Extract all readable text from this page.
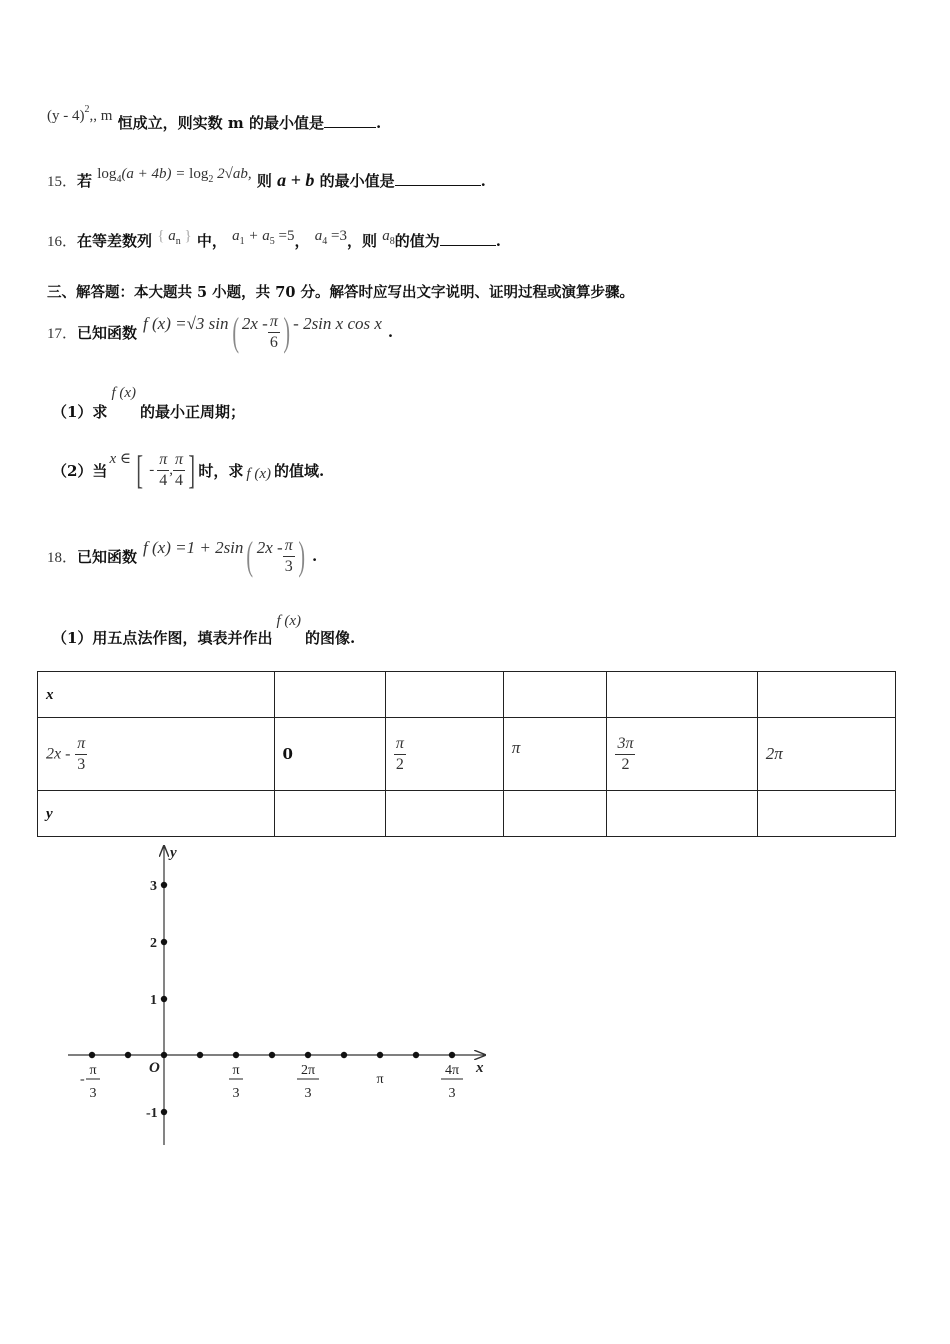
(y - 4)$^2$,, m 恒成立，则实数 m 的最小值是	.
15．若 $\log_4(a + 4b) = \log_2 2√ab$, 则 a + b 的最小值是	.
16．在等差数列 { $a_n$ } 中， $a_1 + a_5 =5$， $a_4 =3$，则 $a_8$的值为	.
三、解答题：本大题共 5 小题，共 70 分。解答时应写出文字说明、证明过程或演算步骤。
17． 已知函数 f (x) =√3 sin ( $2x - \frac{\pi}{6}$ ) - 2sin x cos x .
（1）求
f (x)
的最小正周期；
（2）当
x ∈ [ - $\frac{\pi}{4}$ , $\frac{\pi}{4}$ ] 时，求 f (x) 的值域.
18． 已知函数 f (x) =1 + 2sin ( $2x - \frac{\pi}{3}$ ) .
（1）用五点法作图，填表并作出
f (x)
的图像.
x					
$2x - \frac{\pi}{3}$	0	$\frac{\pi}{2}$	π	$\frac{3\pi}{2}$	2π
y					
y
x
O
3
2
1
-1
-
π
3
π
3
2π
3
π
4π
3
